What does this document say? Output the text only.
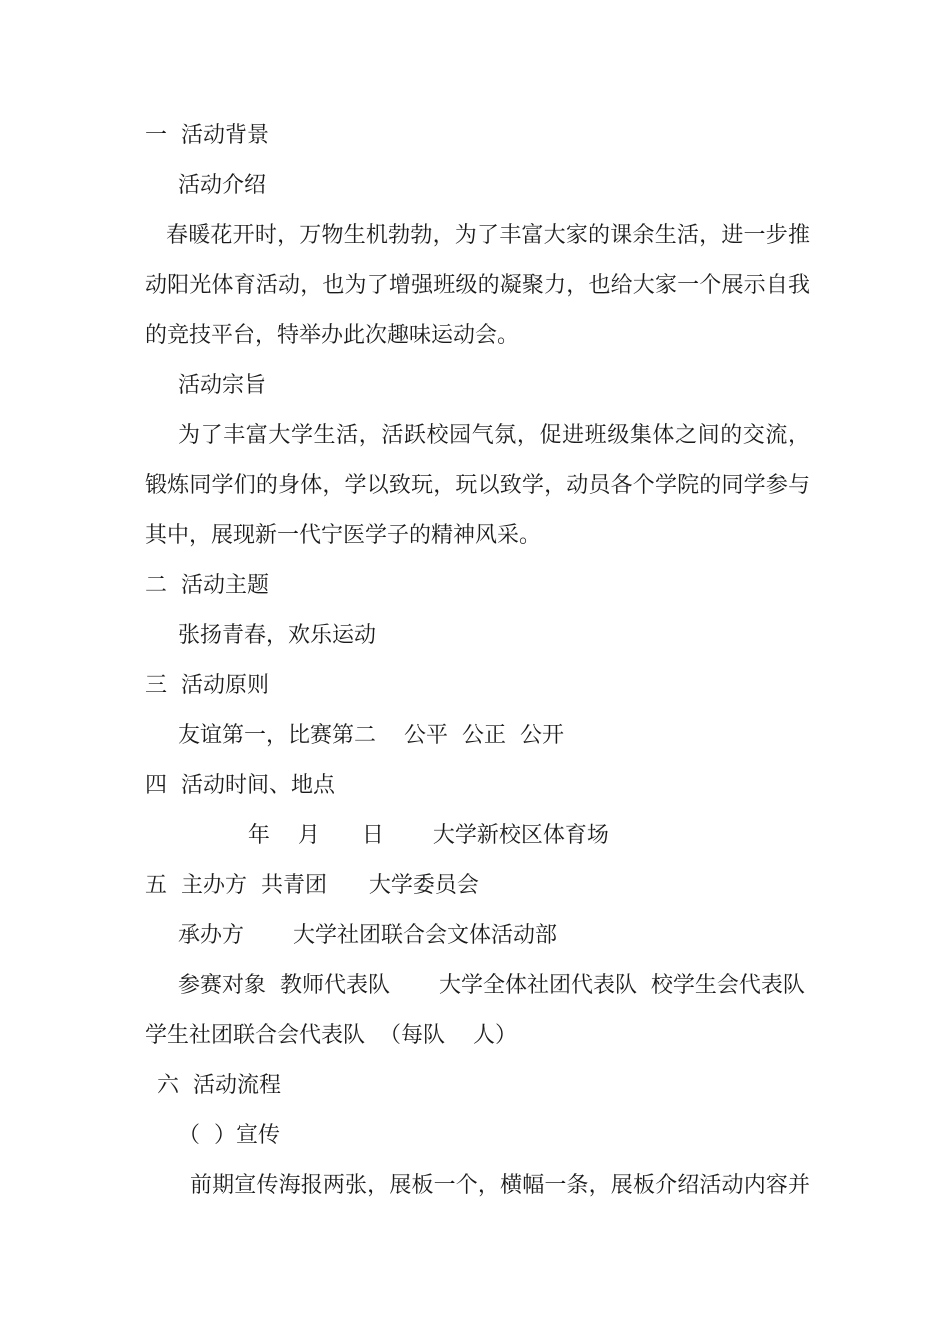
一  活动背景
活动介绍
春暖花开时，万物生机勃勃，为了丰富大家的课余生活，进一步推
动阳光体育活动，也为了增强班级的凝聚力，也给大家一个展示自我
的竞技平台，特举办此次趣味运动会。
活动宗旨
为了丰富大学生活，活跃校园气氛，促进班级集体之间的交流，
锻炼同学们的身体，学以致玩，玩以致学，动员各个学院的同学参与
其中，展现新一代宁医学子的精神风采。
二  活动主题
张扬青春，欢乐运动
三  活动原则
友谊第一，比赛第二    公平  公正  公开
四  活动时间、地点
年    月      日       大学新校区体育场
五  主办方  共青团      大学委员会
承办方       大学社团联合会文体活动部
参赛对象  教师代表队       大学全体社团代表队  校学生会代表队
学生社团联合会代表队  （每队    人）
六  活动流程
（  ）宣传
前期宣传海报两张，展板一个，横幅一条，展板介绍活动内容并
